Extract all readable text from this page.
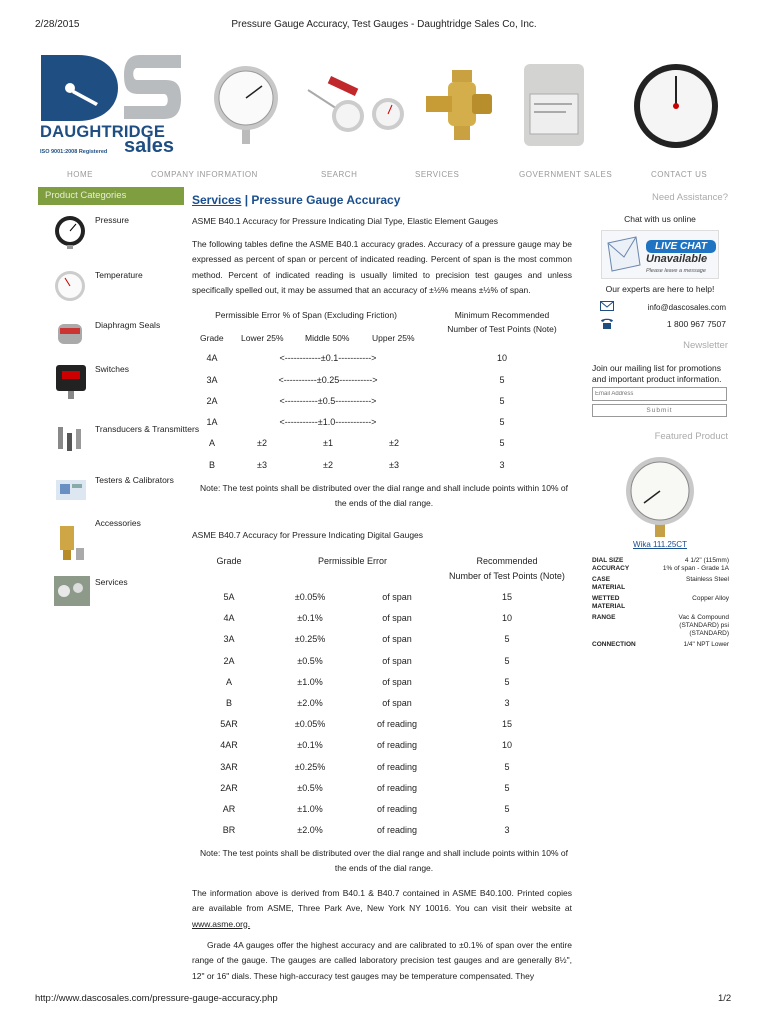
2/28/2015	Pressure Gauge Accuracy, Test Gauges - Daughtridge Sales Co, Inc.
DAUGHTRIDGE
sales
ISO 9001:2008 Registered
HOME	COMPANY INFORMATION	SEARCH	SERVICES	GOVERNMENT SALES	CONTACT US
Product Categories
Pressure
Temperature
Diaphragm Seals
Switches
Transducers & Transmitters
Testers & Calibrators
Accessories
Services
Services | Pressure Gauge Accuracy
ASME B40.1 Accuracy for Pressure Indicating Dial Type, Elastic Element Gauges
The following tables define the ASME B40.1 accuracy grades. Accuracy of a pressure gauge may be expressed as percent of span or percent of indicated reading. Percent of span is the most common method. Percent of indicated reading is usually limited to precision test gauges and unless specifically spelled out, it may be assumed that an accuracy of ±½% means ±½% of span.
Permissible Error % of Span (Excluding Friction)	Minimum Recommended
Number of Test Points (Note)
Grade Lower 25%	Middle 50%	Upper 25%
4A	<------------±0.1----------->	10
3A	<-----------±0.25----------->	5
2A	<-----------±0.5------------>	5
1A	<-----------±1.0------------>	5
A	±2	±1	±2	5
B	±3	±2	±3	3
Note: The test points shall be distributed over the dial range and shall include points within 10% of the ends of the dial range.
ASME B40.7 Accuracy for Pressure Indicating Digital Gauges
Grade	Permissible Error	Recommended
Number of Test Points (Note)
5A	±0.05%	of span	15
4A	±0.1%	of span	10
3A	±0.25%	of span	5
2A	±0.5%	of span	5
A	±1.0%	of span	5
B	±2.0%	of span	3
5AR	±0.05%	of reading	15
4AR	±0.1%	of reading	10
3AR	±0.25%	of reading	5
2AR	±0.5%	of reading	5
AR	±1.0%	of reading	5
BR	±2.0%	of reading	3
Note: The test points shall be distributed over the dial range and shall include points within 10% of the ends of the dial range.
The information above is derived from B40.1 & B40.7 contained in ASME B40.100. Printed copies are available from ASME, Three Park Ave, New York NY 10016. You can visit their website at www.asme.org.
Grade 4A gauges offer the highest accuracy and are calibrated to ±0.1% of span over the entire range of the gauge. The gauges are called laboratory precision test gauges and are generally 8½", 12" or 16" dials. These high-accuracy test gauges may be temperature compensated. They
Need Assistance?
Chat with us online
LIVE CHAT
Unavailable
Please leave a message
Our experts are here to help!
info@dascosales.com
1 800 967 7507
Newsletter
Join our mailing list for promotions and important product information.
Email Address
Submit
Featured Product
Wika 111.25CT
DIAL SIZE	4 1/2" (115mm)
ACCURACY	1% of span - Grade 1A
CASE MATERIAL	Stainless Steel
WETTED MATERIAL	Copper Alloy
RANGE	Vac & Compound (STANDARD) psi (STANDARD)
CONNECTION	1/4" NPT Lower
http://www.dascosales.com/pressure-gauge-accuracy.php	1/2
